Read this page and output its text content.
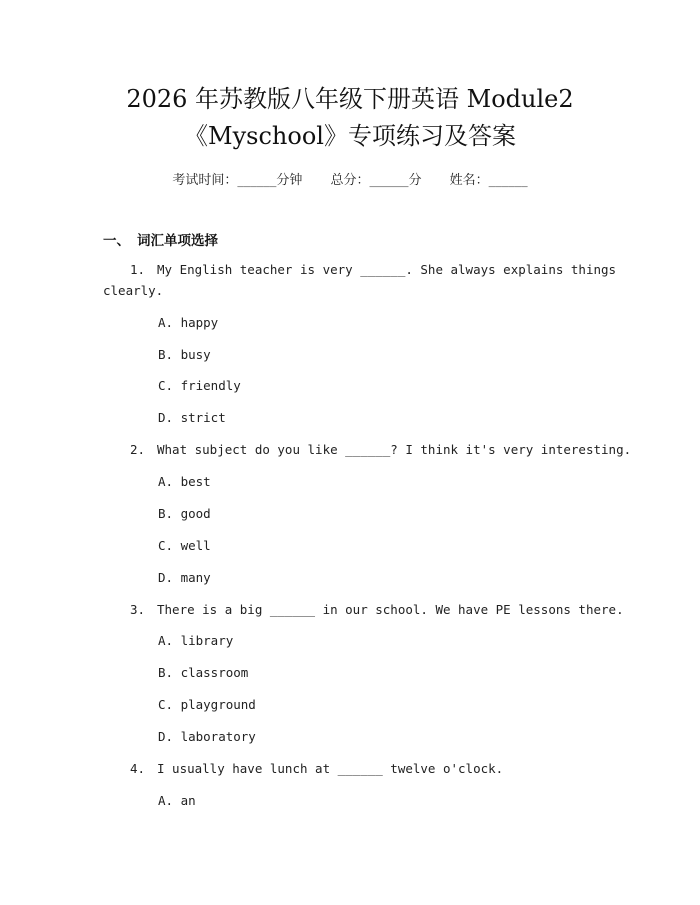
2026 年苏教版八年级下册英语 Module2
《Myschool》专项练习及答案
考试时间：______分钟 总分：______分 姓名：______
一、 词汇单项选择
1. My English teacher is very ______. She always explains things
clearly.
A. happy
B. busy
C. friendly
D. strict
2. What subject do you like ______? I think it's very interesting.
A. best
B. good
C. well
D. many
3. There is a big ______ in our school. We have PE lessons there.
A. library
B. classroom
C. playground
D. laboratory
4. I usually have lunch at ______ twelve o'clock.
A. an
